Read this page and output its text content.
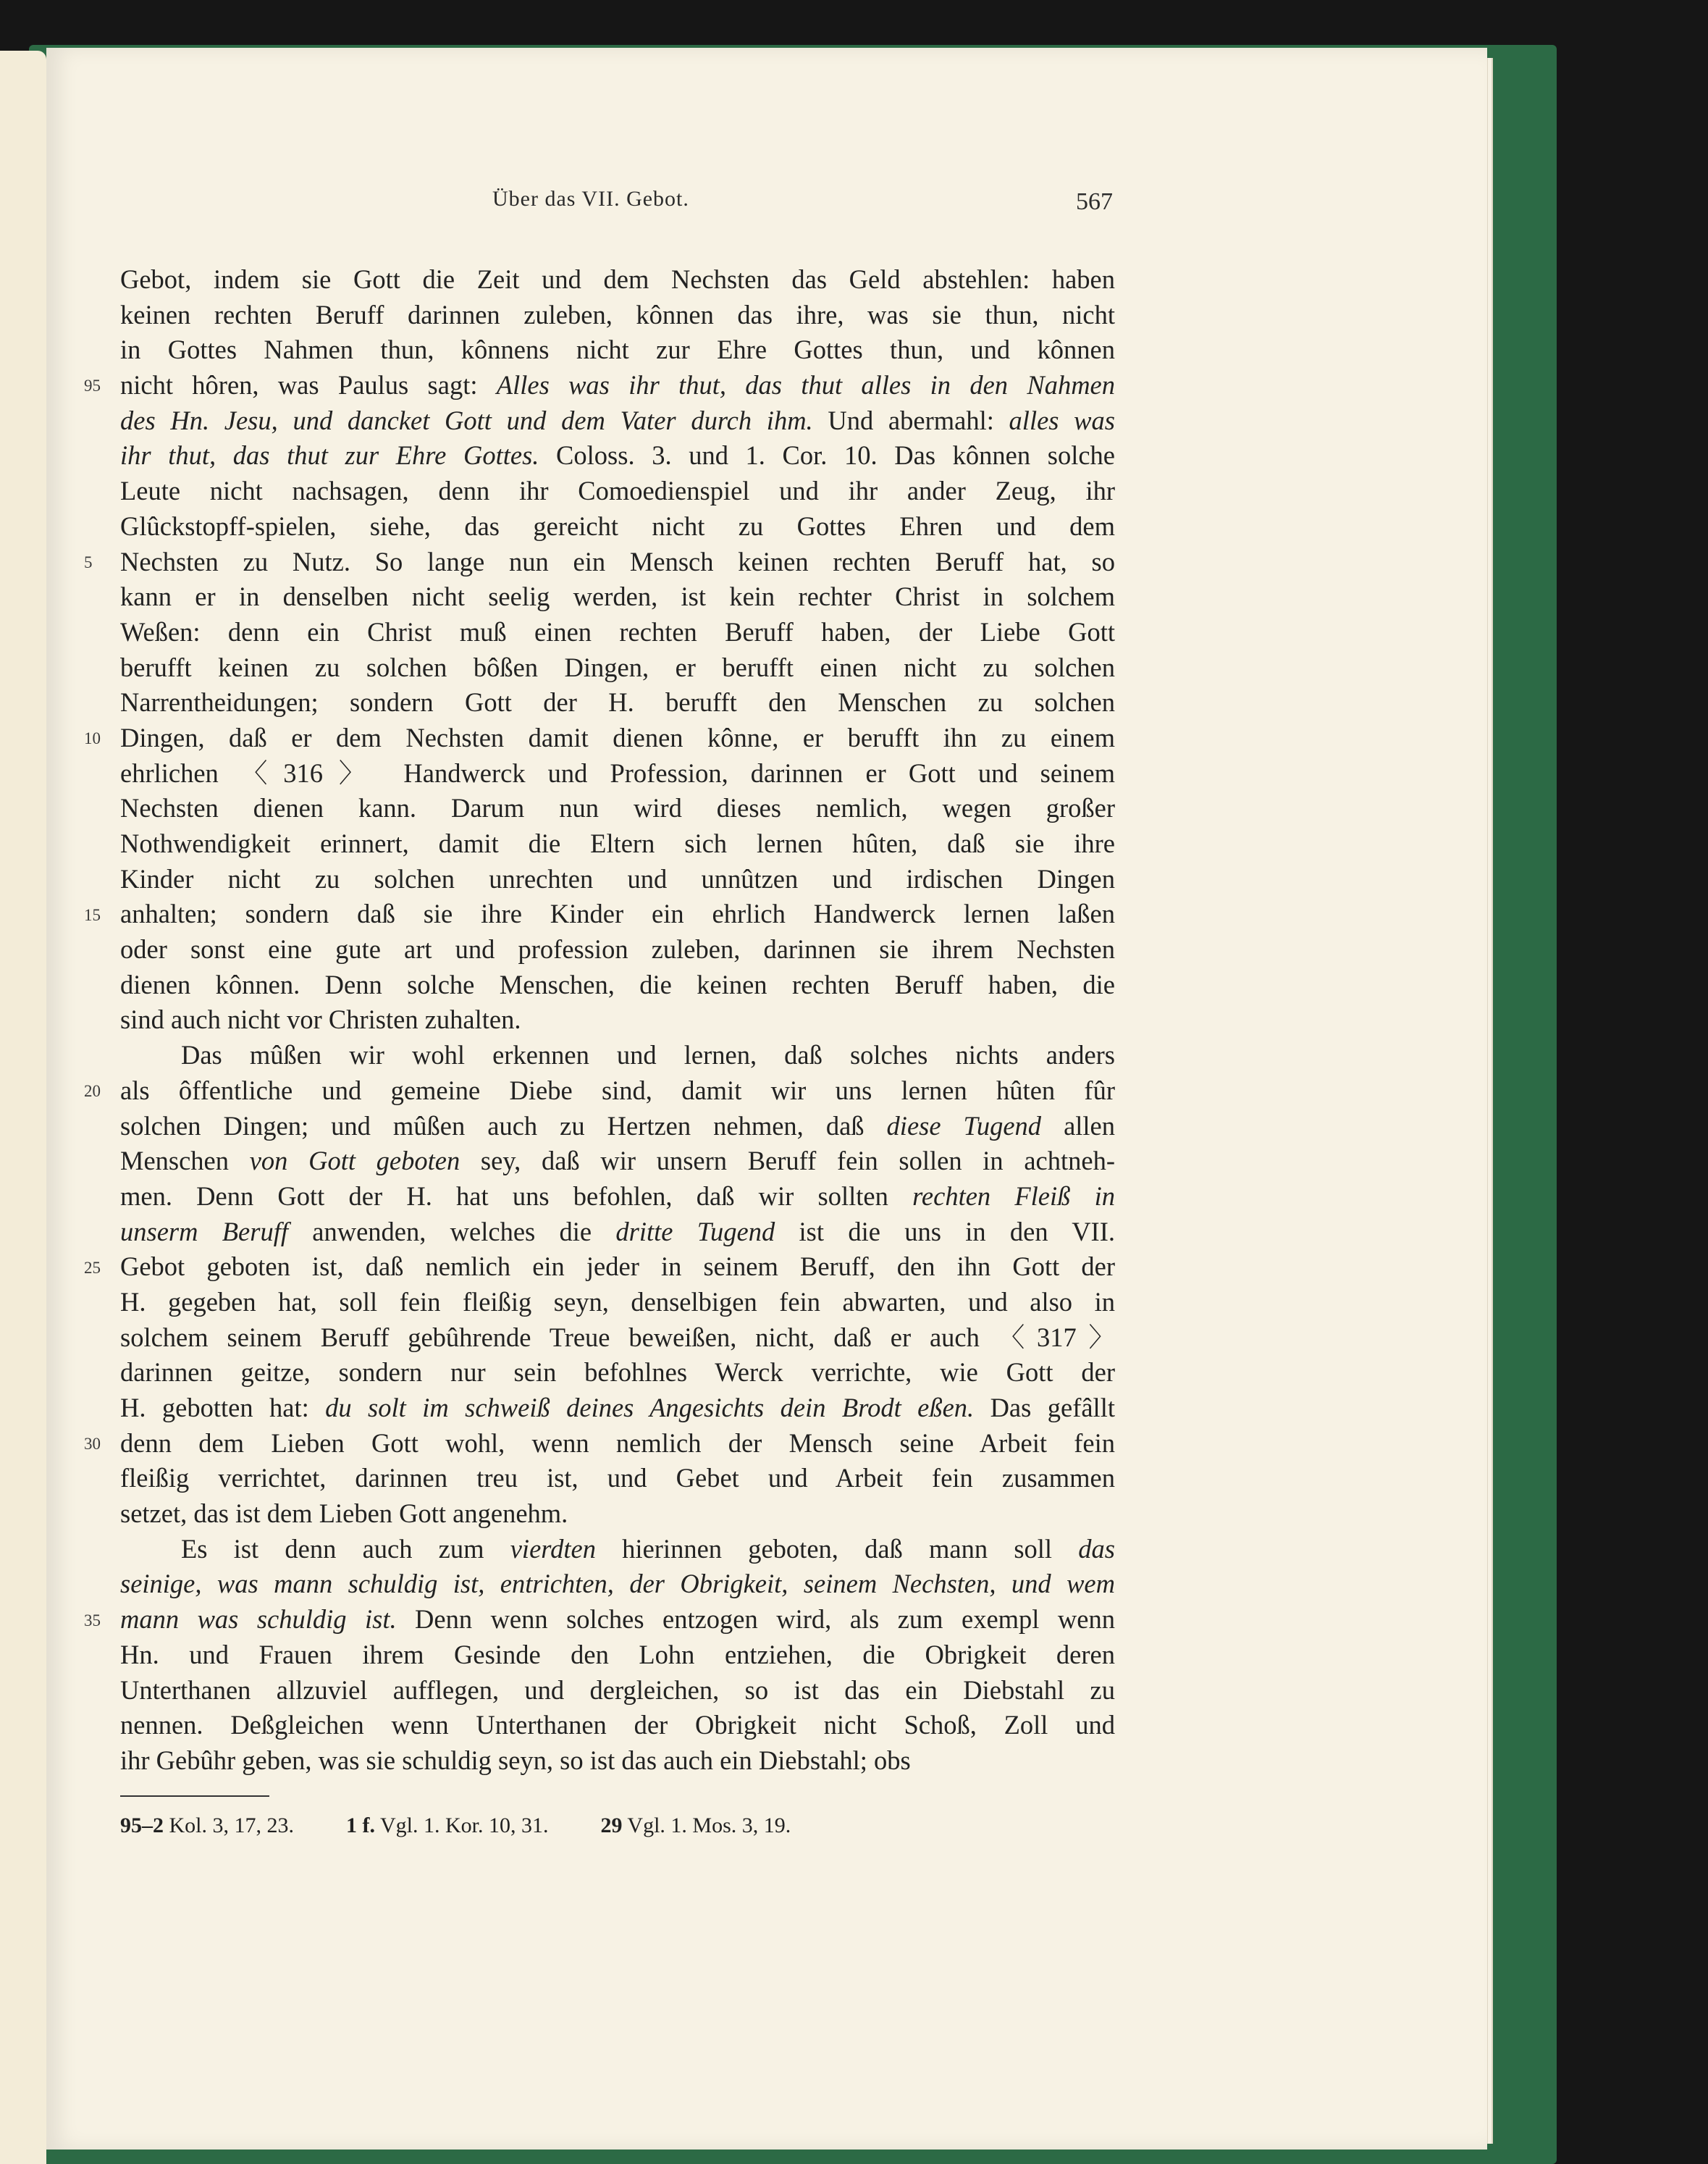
Über das VII. Gebot.	567
95
5
10
15
20
25
30
35
Gebot, indem sie Gott die Zeit und dem Nechsten das Geld abstehlen: haben
keinen rechten Beruff darinnen zuleben, kônnen das ihre, was sie thun, nicht
in Gottes Nahmen thun, kônnens nicht zur Ehre Gottes thun, und kônnen
nicht hôren, was Paulus sagt: Alles was ihr thut, das thut alles in den Nahmen
des Hn. Jesu, und dancket Gott und dem Vater durch ihm. Und abermahl: alles was
ihr thut, das thut zur Ehre Gottes. Coloss. 3. und 1. Cor. 10. Das kônnen solche
Leute nicht nachsagen, denn ihr Comoedienspiel und ihr ander Zeug, ihr
Glûckstopff-spielen, siehe, das gereicht nicht zu Gottes Ehren und dem
Nechsten zu Nutz. So lange nun ein Mensch keinen rechten Beruff hat, so
kann er in denselben nicht seelig werden, ist kein rechter Christ in solchem
Weßen: denn ein Christ muß einen rechten Beruff haben, der Liebe Gott
berufft keinen zu solchen bôßen Dingen, er berufft einen nicht zu solchen
Narrentheidungen; sondern Gott der H. berufft den Menschen zu solchen
Dingen, daß er dem Nechsten damit dienen kônne, er berufft ihn zu einem
ehrlichen 〈316〉 Handwerck und Profession, darinnen er Gott und seinem
Nechsten dienen kann. Darum nun wird dieses nemlich, wegen großer
Nothwendigkeit erinnert, damit die Eltern sich lernen hûten, daß sie ihre
Kinder nicht zu solchen unrechten und unnûtzen und irdischen Dingen
anhalten; sondern daß sie ihre Kinder ein ehrlich Handwerck lernen laßen
oder sonst eine gute art und profession zuleben, darinnen sie ihrem Nechsten
dienen kônnen. Denn solche Menschen, die keinen rechten Beruff haben, die
sind auch nicht vor Christen zuhalten.
Das mûßen wir wohl erkennen und lernen, daß solches nichts anders
als ôffentliche und gemeine Diebe sind, damit wir uns lernen hûten fûr
solchen Dingen; und mûßen auch zu Hertzen nehmen, daß diese Tugend allen
Menschen von Gott geboten sey, daß wir unsern Beruff fein sollen in achtneh-
men. Denn Gott der H. hat uns befohlen, daß wir sollten rechten Fleiß in
unserm Beruff anwenden, welches die dritte Tugend ist die uns in den VII.
Gebot geboten ist, daß nemlich ein jeder in seinem Beruff, den ihn Gott der
H. gegeben hat, soll fein fleißig seyn, denselbigen fein abwarten, und also in
solchem seinem Beruff gebûhrende Treue beweißen, nicht, daß er auch 〈317〉
darinnen geitze, sondern nur sein befohlnes Werck verrichte, wie Gott der
H. gebotten hat: du solt im schweiß deines Angesichts dein Brodt eßen. Das gefâllt
denn dem Lieben Gott wohl, wenn nemlich der Mensch seine Arbeit fein
fleißig verrichtet, darinnen treu ist, und Gebet und Arbeit fein zusammen
setzet, das ist dem Lieben Gott angenehm.
Es ist denn auch zum vierdten hierinnen geboten, daß mann soll das
seinige, was mann schuldig ist, entrichten, der Obrigkeit, seinem Nechsten, und wem
mann was schuldig ist. Denn wenn solches entzogen wird, als zum exempl wenn
Hn. und Frauen ihrem Gesinde den Lohn entziehen, die Obrigkeit deren
Unterthanen allzuviel aufflegen, und dergleichen, so ist das ein Diebstahl zu
nennen. Deßgleichen wenn Unterthanen der Obrigkeit nicht Schoß, Zoll und
ihr Gebûhr geben, was sie schuldig seyn, so ist das auch ein Diebstahl; obs
95–2 Kol. 3, 17, 23. 1 f. Vgl. 1. Kor. 10, 31. 29 Vgl. 1. Mos. 3, 19.
